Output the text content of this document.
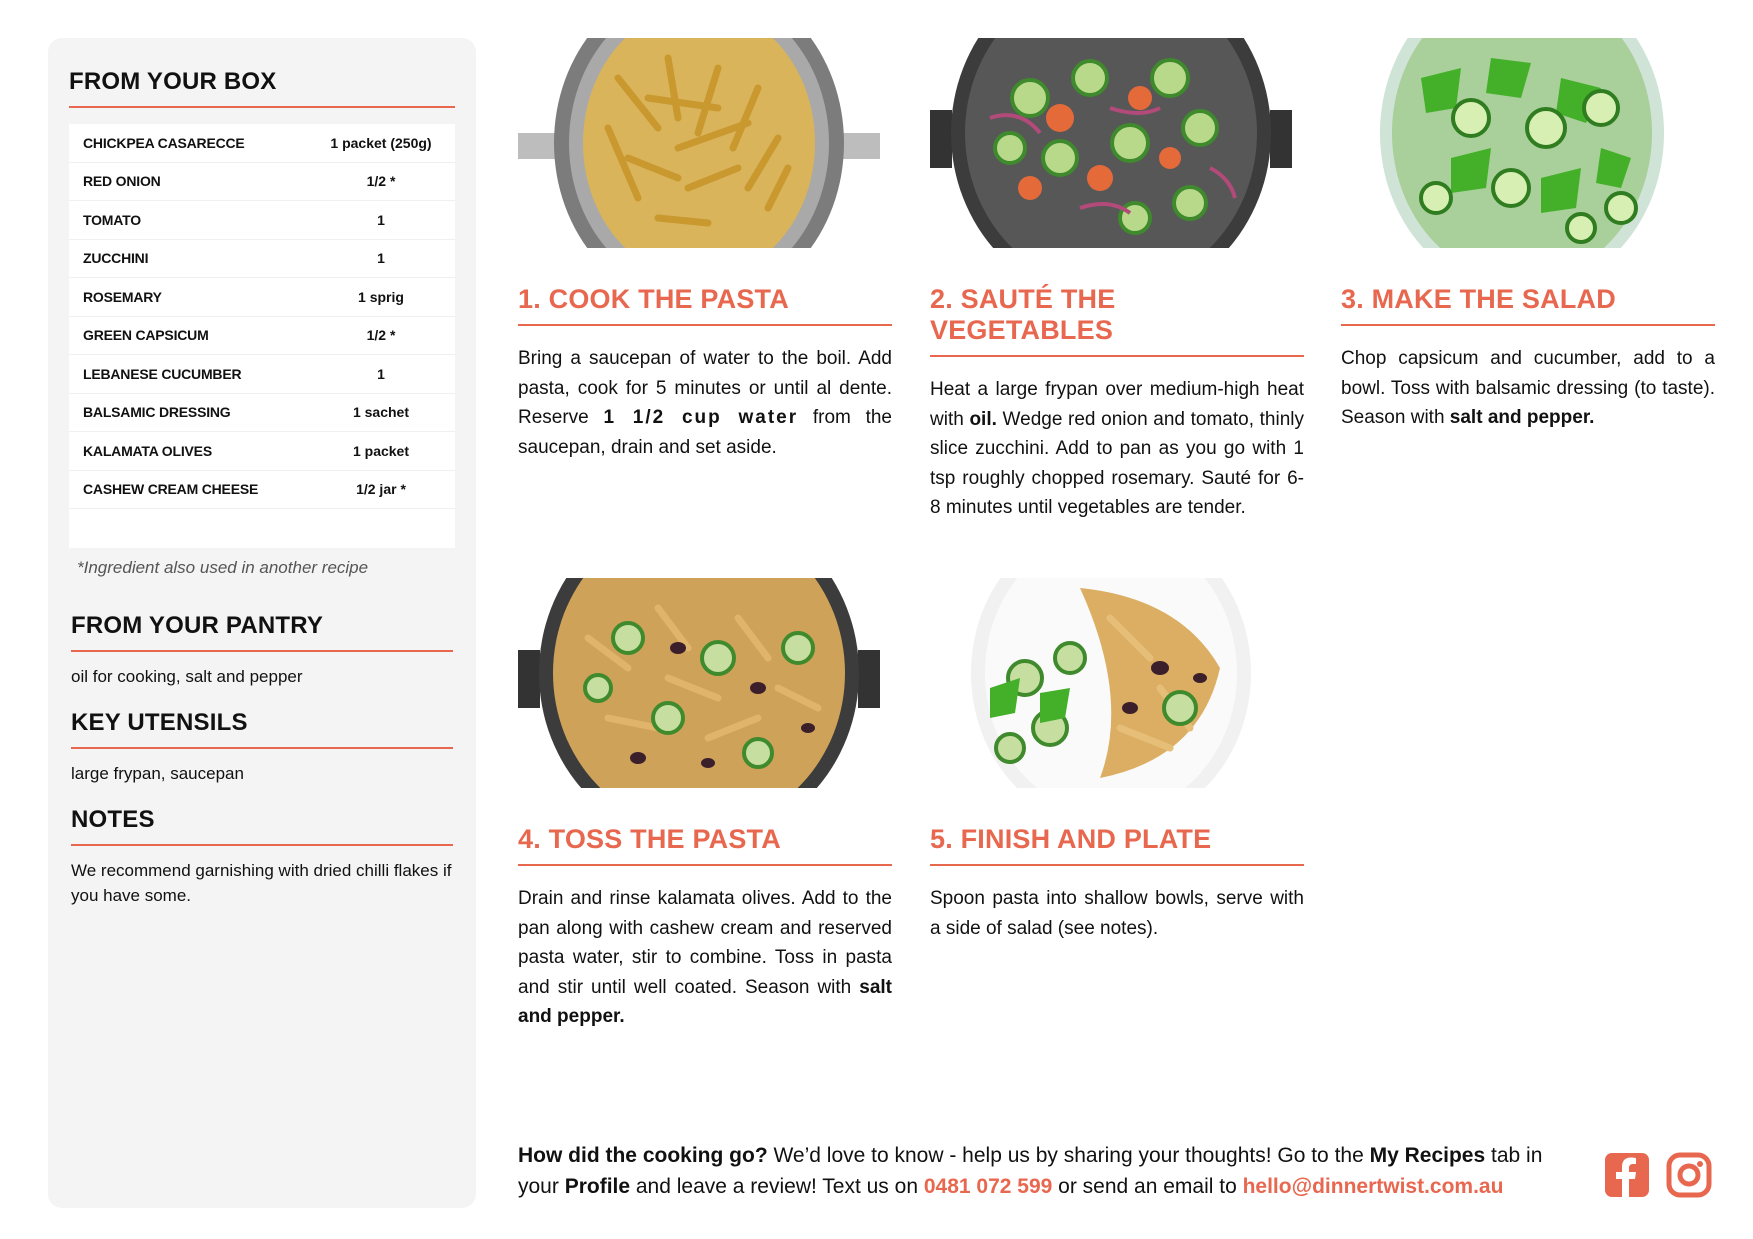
FROM YOUR BOX
CHICKPEA CASARECCE	1 packet (250g)
RED ONION	1/2 *
TOMATO	1
ZUCCHINI	1
ROSEMARY	1 sprig
GREEN CAPSICUM	1/2 *
LEBANESE CUCUMBER	1
BALSAMIC DRESSING	1 sachet
KALAMATA OLIVES	1 packet
CASHEW CREAM CHEESE	1/2 jar *
*Ingredient also used in another recipe
FROM YOUR PANTRY
oil for cooking, salt and pepper
KEY UTENSILS
large frypan, saucepan
NOTES
We recommend garnishing with dried chilli flakes if you have some.
1. COOK THE PASTA
Bring a saucepan of water to the boil. Add pasta, cook for 5 minutes or until al dente. Reserve 1 1/2 cup water from the saucepan, drain and set aside.
2. SAUTÉ THE VEGETABLES
Heat a large frypan over medium-high heat with oil. Wedge red onion and tomato, thinly slice zucchini. Add to pan as you go with 1 tsp roughly chopped rosemary. Sauté for 6-8 minutes until vegetables are tender.
3. MAKE THE SALAD
Chop capsicum and cucumber, add to a bowl. Toss with balsamic dressing (to taste). Season with salt and pepper.
4. TOSS THE PASTA
Drain and rinse kalamata olives. Add to the pan along with cashew cream and reserved pasta water, stir to combine. Toss in pasta and stir until well coated. Season with salt and pepper.
5. FINISH AND PLATE
Spoon pasta into shallow bowls, serve with a side of salad (see notes).
How did the cooking go? We’d love to know - help us by sharing your thoughts! Go to the My Recipes tab in your Profile and leave a review! Text us on 0481 072 599 or send an email to hello@dinnertwist.com.au
